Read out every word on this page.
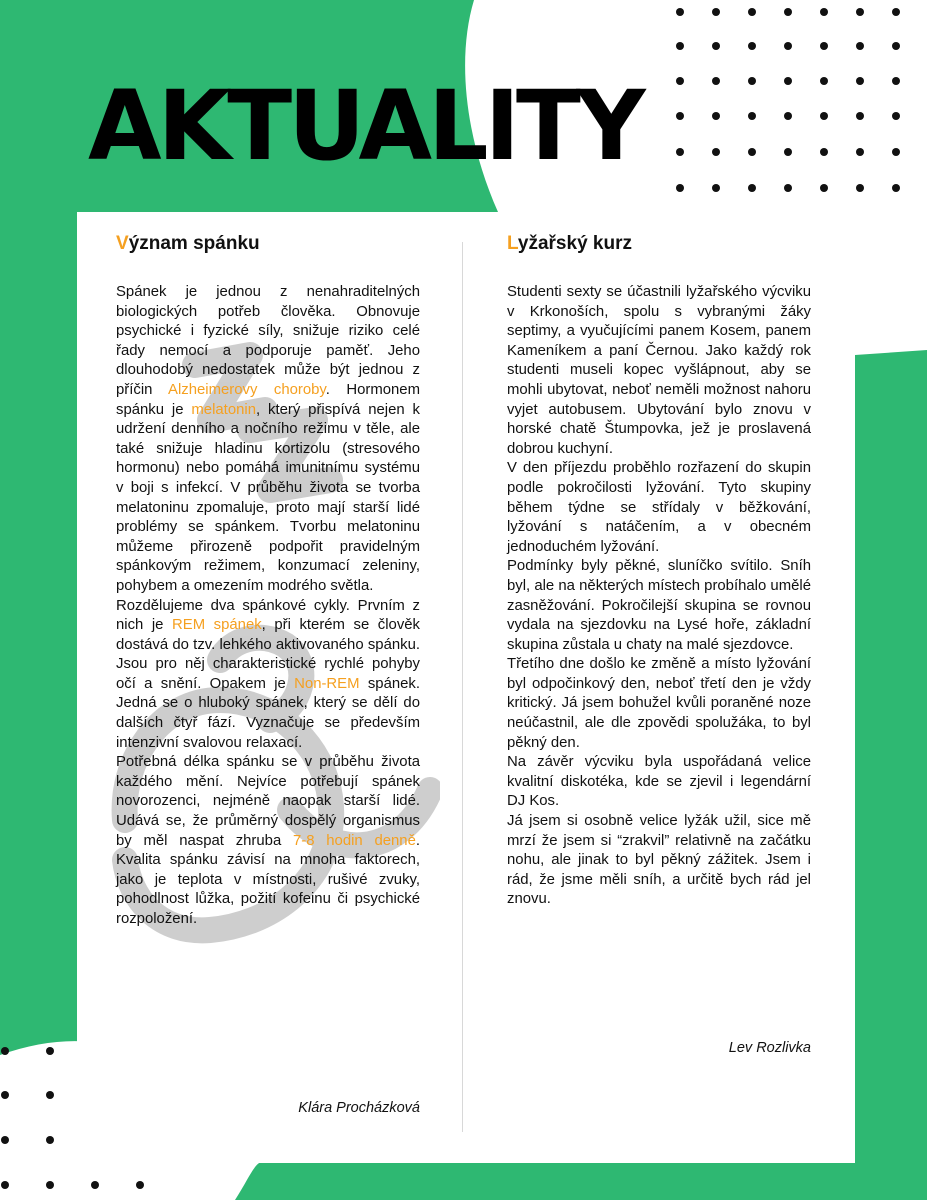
AKTUALITY
Význam spánku

Spánek je jednou z nenahraditelných biologických potřeb člověka. Obnovuje psychické i fyzické síly, snižuje riziko celé řady nemocí a podporuje paměť. Jeho dlouhodobý nedostatek může být jednou z příčin Alzheimerovy choroby. Hormonem spánku je melatonin, který přispívá nejen k udržení denního a nočního režimu v těle, ale také snižuje hladinu kortizolu (stresového hormonu) nebo pomáhá imunitnímu systému v boji s infekcí. V průběhu života se tvorba melatoninu zpomaluje, proto mají starší lidé problémy se spánkem. Tvorbu melatoninu můžeme přirozeně podpořit pravidelným spánkovým režimem, konzumací zeleniny, pohybem a omezením modrého světla.

Rozdělujeme dva spánkové cykly. Prvním z nich je REM spánek, při kterém se člověk dostává do tzv. lehkého aktivovaného spánku. Jsou pro něj charakteristické rychlé pohyby očí a snění. Opakem je Non-REM spánek. Jedná se o hluboký spánek, který se dělí do dalších čtyř fází. Vyznačuje se především intenzivní svalovou relaxací.

Potřebná délka spánku se v průběhu života každého mění. Nejvíce potřebují spánek novorozenci, nejméně naopak starší lidé. Udává se, že průměrný dospělý organismus by měl naspat zhruba 7-8 hodin denně. Kvalita spánku závisí na mnoha faktorech, jako je teplota v místnosti, rušivé zvuky, pohodlnost lůžka, požití kofeinu či psychické rozpoložení.

Klára Procházková
Lyžařský kurz

Studenti sexty se účastnili lyžařského výcviku v Krkonoších, spolu s vybranými žáky septimy, a vyučujícími panem Kosem, panem Kameníkem a paní Černou. Jako každý rok studenti museli kopec vyšlápnout, aby se mohli ubytovat, neboť neměli možnost nahoru vyjet autobusem. Ubytování bylo znovu v horské chatě Štumpovka, jež je proslavená dobrou kuchyní.

V den příjezdu proběhlo rozřazení do skupin podle pokročilosti lyžování. Tyto skupiny během týdne se střídaly v běžkování, lyžování s natáčením, a v obecném jednoduchém lyžování.

Podmínky byly pěkné, sluníčko svítilo. Sníh byl, ale na některých místech probíhalo umělé zasněžování. Pokročilejší skupina se rovnou vydala na sjezdovku na Lysé hoře, základní skupina zůstala u chaty na malé sjezdovce.

Třetího dne došlo ke změně a místo lyžování byl odpočinkový den, neboť třetí den je vždy kritický. Já jsem bohužel kvůli poraněné noze neúčastnil, ale dle zpovědi spolužáka, to byl pěkný den.

Na závěr výcviku byla uspořádaná velice kvalitní diskotéka, kde se zjevil i legendární DJ Kos.

Já jsem si osobně velice lyžák užil, sice mě mrzí že jsem si “zrakvil” relativně na začátku nohu, ale jinak to byl pěkný zážitek. Jsem i rád, že jsme měli sníh, a určitě bych rád jel znovu.

Lev Rozlivka
